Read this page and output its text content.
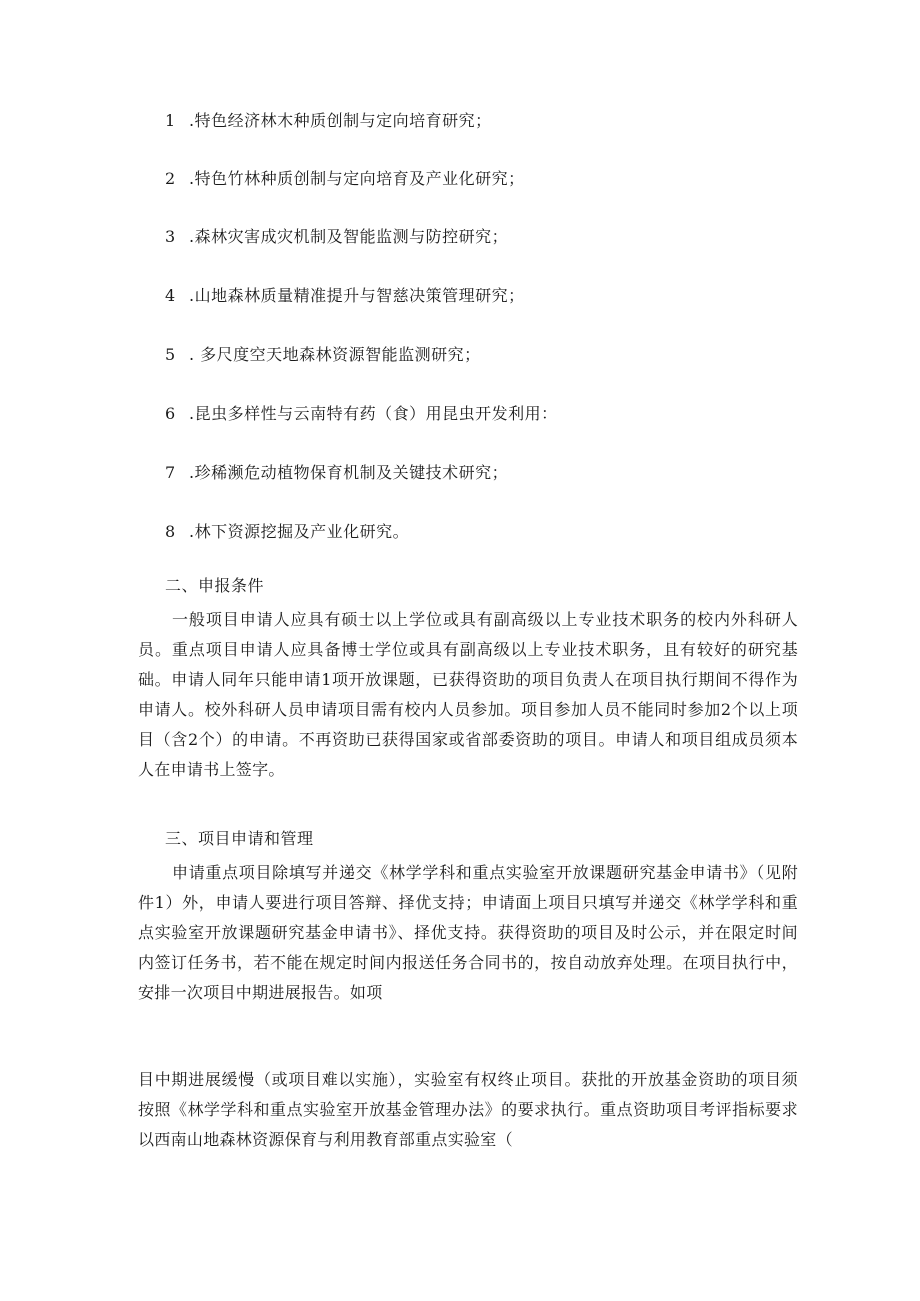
1 .特色经济林木种质创制与定向培育研究；
2 .特色竹林种质创制与定向培育及产业化研究；
3 .森林灾害成灾机制及智能监测与防控研究；
4 .山地森林质量精准提升与智慈决策管理研究；
5 . 多尺度空天地森林资源智能监测研究；
6 .昆虫多样性与云南特有药（食）用昆虫开发利用：
7 .珍稀濒危动植物保育机制及关键技术研究；
8 .林下资源挖掘及产业化研究。
二、申报条件
一般项目申请人应具有硕士以上学位或具有副高级以上专业技术职务的校内外科研人员。重点项目申请人应具备博士学位或具有副高级以上专业技术职务，且有较好的研究基础。申请人同年只能申请1项开放课题，已获得资助的项目负责人在项目执行期间不得作为申请人。校外科研人员申请项目需有校内人员参加。项目参加人员不能同时参加2个以上项目（含2个）的申请。不再资助已获得国家或省部委资助的项目。申请人和项目组成员须本人在申请书上签字。
三、项目申请和管理
申请重点项目除填写并递交《林学学科和重点实验室开放课题研究基金申请书》（见附件1）外，申请人要进行项目答辩、择优支持；申请面上项目只填写并递交《林学学科和重点实验室开放课题研究基金申请书》、择优支持。获得资助的项目及时公示，并在限定时间内签订任务书，若不能在规定时间内报送任务合同书的，按自动放弃处理。在项目执行中，安排一次项目中期进展报告。如项
目中期进展缓慢（或项目难以实施），实验室有权终止项目。获批的开放基金资助的项目须按照《林学学科和重点实验室开放基金管理办法》的要求执行。重点资助项目考评指标要求以西南山地森林资源保育与利用教育部重点实验室（
